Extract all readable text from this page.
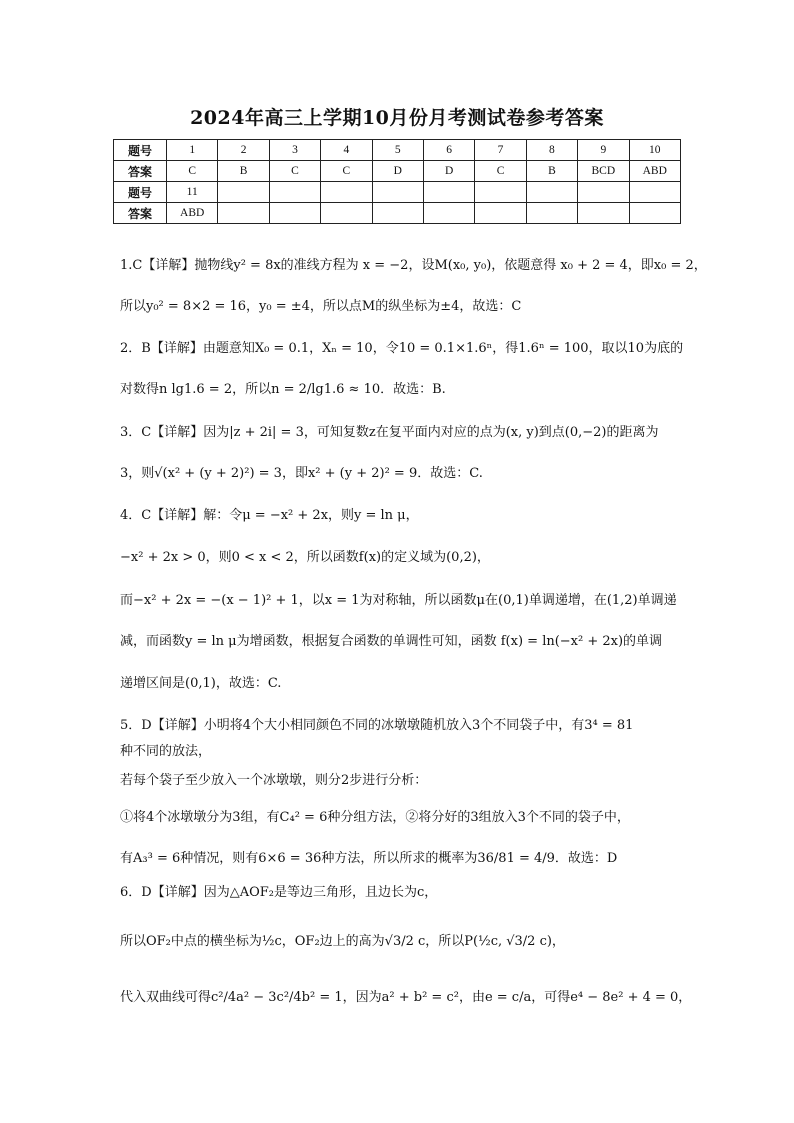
2024年高三上学期10月份月考测试卷参考答案
题号	1	2	3	4	5	6	7	8	9	10
答案	C	B	C	C	D	D	C	B	BCD	ABD
题号	11									
答案	ABD									
1.C【详解】抛物线y² = 8x的准线方程为 x = −2，设M(x₀, y₀)，依题意得 x₀ + 2 = 4，即x₀ = 2，
所以y₀² = 8×2 = 16，y₀ = ±4，所以点M的纵坐标为±4，故选：C
2．B【详解】由题意知X₀ = 0.1，Xₙ = 10，令10 = 0.1×1.6ⁿ，得1.6ⁿ = 100，取以10为底的
对数得n lg1.6 = 2，所以n = 2/lg1.6 ≈ 10．故选：B.
3．C【详解】因为|z + 2i| = 3，可知复数z在复平面内对应的点为(x, y)到点(0,−2)的距离为
3，则√(x² + (y + 2)²) = 3，即x² + (y + 2)² = 9．故选：C.
4．C【详解】解：令μ = −x² + 2x，则y = ln μ，
−x² + 2x > 0，则0 < x < 2，所以函数f(x)的定义域为(0,2)，
而−x² + 2x = −(x − 1)² + 1，以x = 1为对称轴，所以函数μ在(0,1)单调递增，在(1,2)单调递
减，而函数y = ln μ为增函数，根据复合函数的单调性可知，函数 f(x) = ln(−x² + 2x)的单调
递增区间是(0,1)，故选：C.
5．D【详解】小明将4个大小相同颜色不同的冰墩墩随机放入3个不同袋子中，有3⁴ = 81
种不同的放法，
若每个袋子至少放入一个冰墩墩，则分2步进行分析：
①将4个冰墩墩分为3组，有C₄² = 6种分组方法，②将分好的3组放入3个不同的袋子中，
有A₃³ = 6种情况，则有6×6 = 36种方法，所以所求的概率为36/81 = 4/9．故选：D
6．D【详解】因为△AOF₂是等边三角形，且边长为c，
所以OF₂中点的横坐标为½c，OF₂边上的高为√3/2 c，所以P(½c, √3/2 c)，
代入双曲线可得c²/4a² − 3c²/4b² = 1，因为a² + b² = c²，由e = c/a，可得e⁴ − 8e² + 4 = 0，
